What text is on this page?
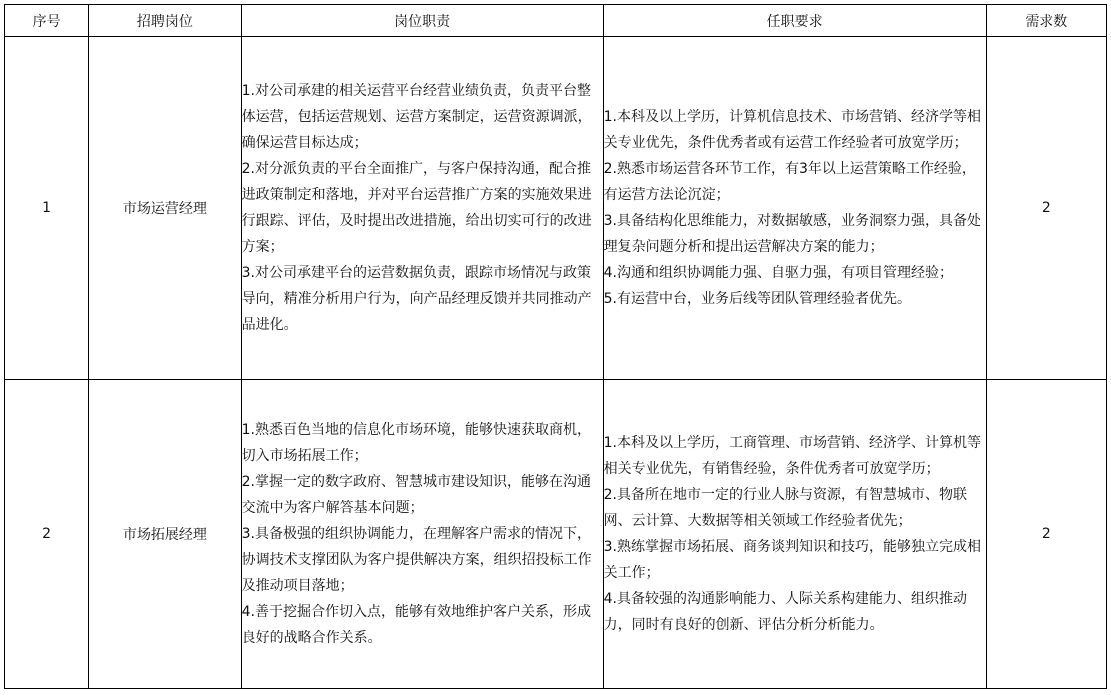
序号	招聘岗位	岗位职责	任职要求	需求数
1	市场运营经理	1.对公司承建的相关运营平台经营业绩负责，负责平台整体运营，包括运营规划、运营方案制定，运营资源调派，确保运营目标达成；
2.对分派负责的平台全面推广，与客户保持沟通，配合推进政策制定和落地，并对平台运营推广方案的实施效果进行跟踪、评估，及时提出改进措施，给出切实可行的改进方案；
3.对公司承建平台的运营数据负责，跟踪市场情况与政策导向，精准分析用户行为，向产品经理反馈并共同推动产品进化。	1.本科及以上学历，计算机信息技术、市场营销、经济学等相关专业优先，条件优秀者或有运营工作经验者可放宽学历；
2.熟悉市场运营各环节工作，有3年以上运营策略工作经验，有运营方法论沉淀；
3.具备结构化思维能力，对数据敏感，业务洞察力强，具备处理复杂问题分析和提出运营解决方案的能力；
4.沟通和组织协调能力强、自驱力强，有项目管理经验；
5.有运营中台，业务后线等团队管理经验者优先。	2
2	市场拓展经理	1.熟悉百色当地的信息化市场环境，能够快速获取商机，切入市场拓展工作；
2.掌握一定的数字政府、智慧城市建设知识，能够在沟通交流中为客户解答基本问题；
3.具备极强的组织协调能力，在理解客户需求的情况下，协调技术支撑团队为客户提供解决方案，组织招投标工作及推动项目落地；
4.善于挖掘合作切入点，能够有效地维护客户关系，形成良好的战略合作关系。	1.本科及以上学历，工商管理、市场营销、经济学、计算机等相关专业优先，有销售经验，条件优秀者可放宽学历；
2.具备所在地市一定的行业人脉与资源，有智慧城市、物联网、云计算、大数据等相关领域工作经验者优先；
3.熟练掌握市场拓展、商务谈判知识和技巧，能够独立完成相关工作；
4.具备较强的沟通影响能力、人际关系构建能力、组织推动力，同时有良好的创新、评估分析分析能力。	2
